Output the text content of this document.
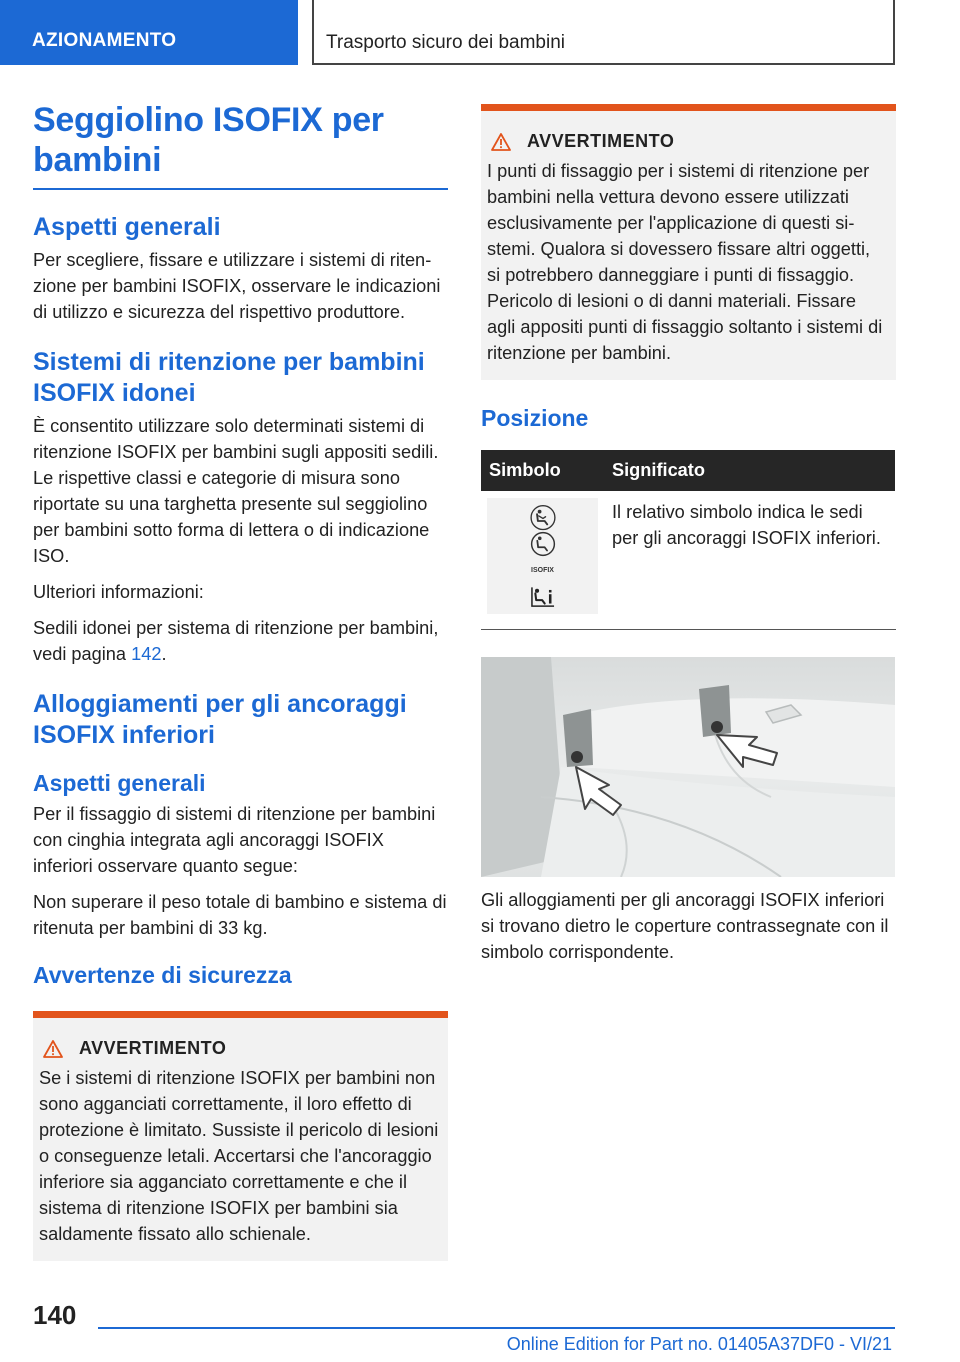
AZIONAMENTO	Trasporto sicuro dei bambini
Seggiolino ISOFIX per bambini
Aspetti generali

Per scegliere, fissare e utilizzare i sistemi di ritenzione per bambini ISOFIX, osservare le indicazioni di utilizzo e sicurezza del rispettivo produttore.

Sistemi di ritenzione per bambini ISOFIX idonei

È consentito utilizzare solo determinati sistemi di ritenzione ISOFIX per bambini sugli appositi sedili. Le rispettive classi e categorie di misura sono riportate su una targhetta presente sul seggiolino per bambini sotto forma di lettera o di indicazione ISO.

Ulteriori informazioni:

Sedili idonei per sistema di ritenzione per bambini, vedi pagina 142.

Alloggiamenti per gli ancoraggi ISOFIX inferiori
Aspetti generali

Per il fissaggio di sistemi di ritenzione per bambini con cinghia integrata agli ancoraggi ISOFIX inferiori osservare quanto segue:

Non superare il peso totale di bambino e sistema di ritenuta per bambini di 33 kg.

Avvertenze di sicurezza
AVVERTIMENTO

Se i sistemi di ritenzione ISOFIX per bambini non sono agganciati correttamente, il loro effetto di protezione è limitato. Sussiste il pericolo di lesioni o conseguenze letali. Accertarsi che l'ancoraggio inferiore sia agganciato correttamente e che il sistema di ritenzione ISOFIX per bambini sia saldamente fissato allo schienale.

AVVERTIMENTO

I punti di fissaggio per i sistemi di ritenzione per bambini nella vettura devono essere utilizzati esclusivamente per l'applicazione di questi sistemi. Qualora si dovessero fissare altri oggetti, si potrebbero danneggiare i punti di fissaggio. Pericolo di lesioni o di danni materiali. Fissare agli appositi punti di fissaggio soltanto i sistemi di ritenzione per bambini.

Posizione
Simbolo	Significato

ISOFIX	Il relativo simbolo indica le sedi per gli ancoraggi ISOFIX inferiori.

Gli alloggiamenti per gli ancoraggi ISOFIX inferiori si trovano dietro le coperture contrassegnate con il simbolo corrispondente.

140
Online Edition for Part no. 01405A37DF0 - VI/21
